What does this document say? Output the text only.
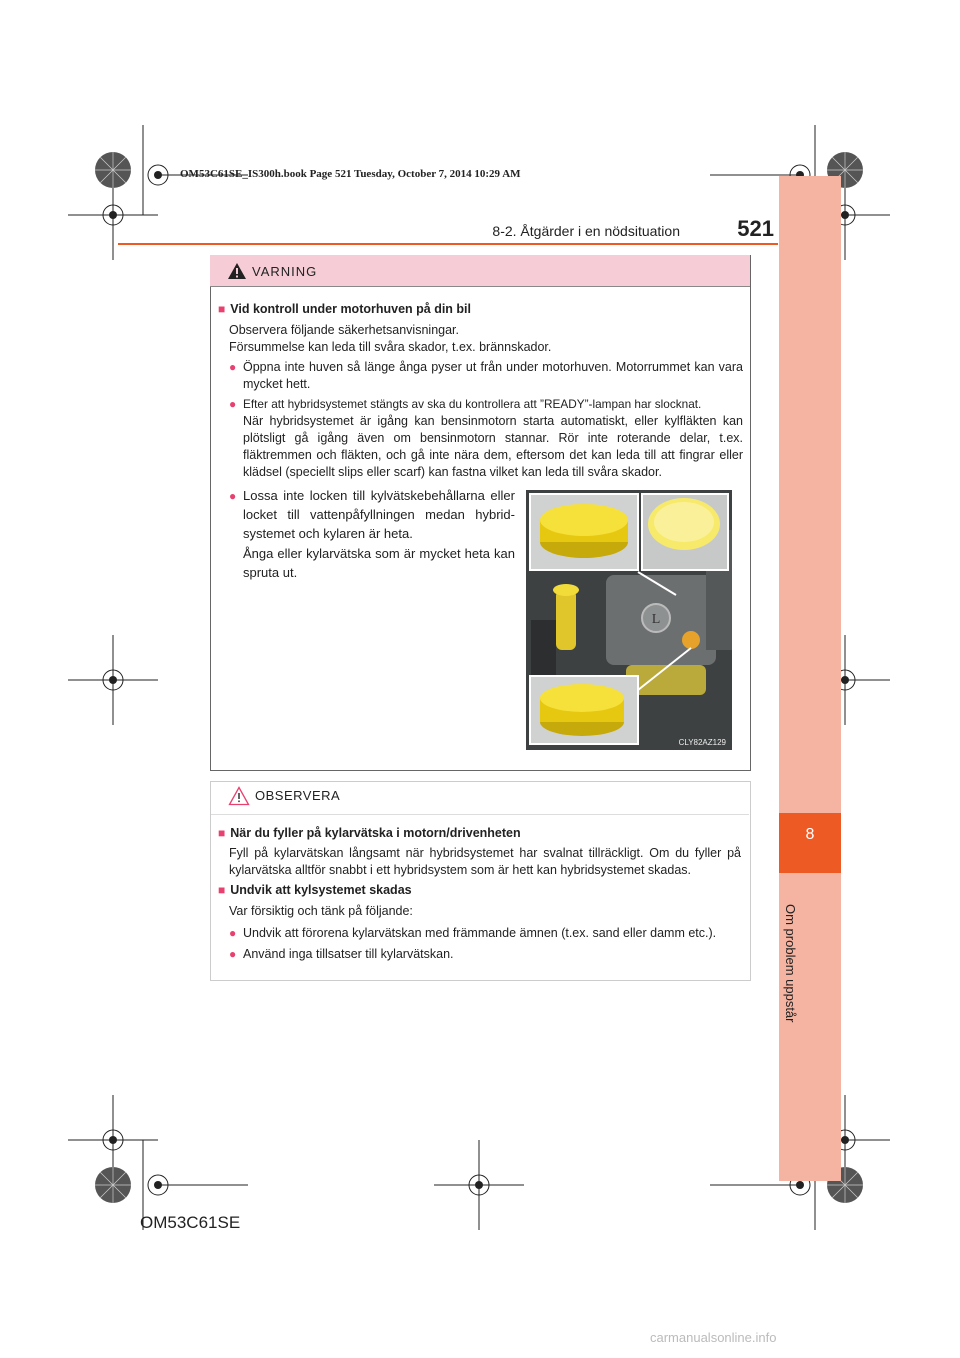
OM53C61SE_IS300h.book Page 521 Tuesday, October 7, 2014 10:29 AM
8
Om problem uppstår
8-2. Åtgärder i en nödsituation	521
VARNING
■ Vid kontroll under motorhuven på din bil
Observera följande säkerhetsanvisningar.
Försummelse kan leda till svåra skador, t.ex. brännskador.
● Öppna inte huven så länge ånga pyser ut från under motorhuven. Motorrummet kan vara mycket hett.
● Efter att hybridsystemet stängts av ska du kontrollera att ”READY”-lampan har slocknat.
När hybridsystemet är igång kan bensinmotorn starta automatiskt, eller kylfläkten kan plötsligt gå igång även om bensinmotorn stannar. Rör inte roterande delar, t.ex. fläktremmen och fläkten, och gå inte nära dem, eftersom det kan leda till att fingrar eller klädsel (speciellt slips eller scarf) kan fastna vilket kan leda till svåra skador.
● Lossa inte locken till kylvätskebehållarna eller locket till vattenpåfyllningen medan hybridsystemet och kylaren är heta.
Ånga eller kylarvätska som är mycket heta kan spruta ut.
L
CLY82AZ129
OBSERVERA
■ När du fyller på kylarvätska i motorn/drivenheten
Fyll på kylarvätskan långsamt när hybridsystemet har svalnat tillräckligt. Om du fyller på kylarvätska alltför snabbt i ett hybridsystem som är hett kan hybridsystemet skadas.
■ Undvik att kylsystemet skadas
Var försiktig och tänk på följande:
● Undvik att förorena kylarvätskan med främmande ämnen (t.ex. sand eller damm etc.).
● Använd inga tillsatser till kylarvätskan.
OM53C61SE
carmanualsonline.info
